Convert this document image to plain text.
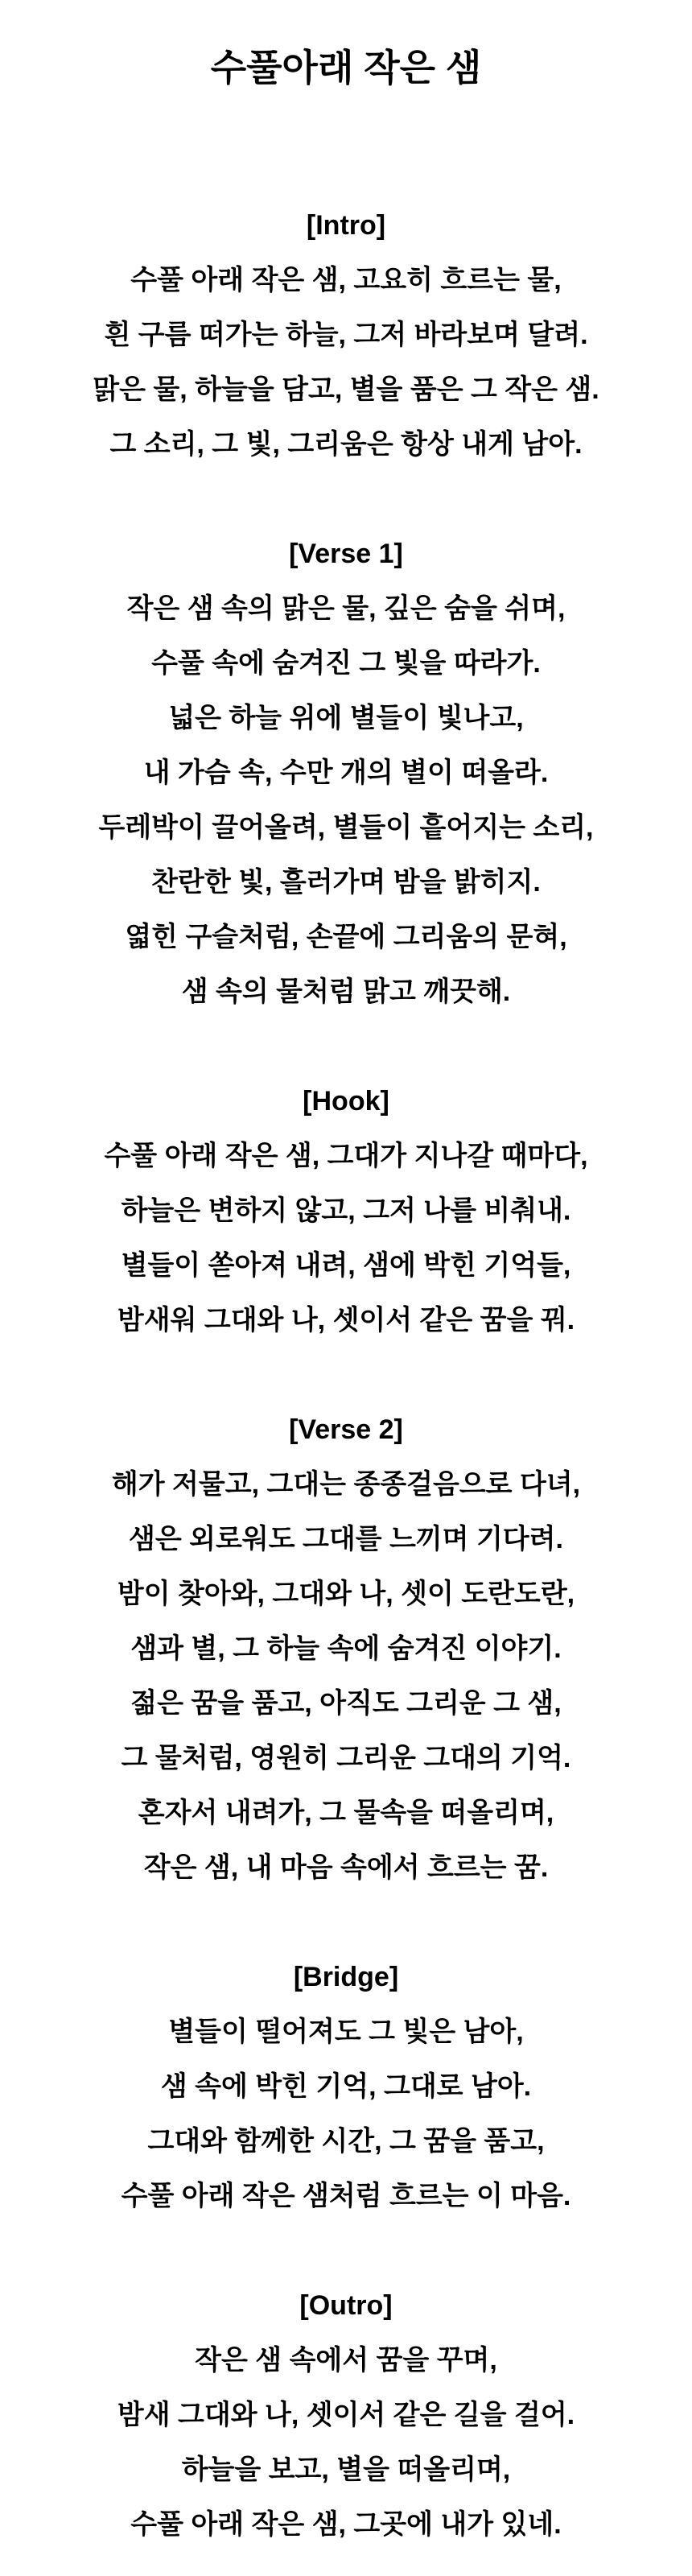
수풀아래 작은 샘
[Intro]
수풀 아래 작은 샘, 고요히 흐르는 물,
흰 구름 떠가는 하늘, 그저 바라보며 달려.
맑은 물, 하늘을 담고, 별을 품은 그 작은 샘.
그 소리, 그 빛, 그리움은 항상 내게 남아.
[Verse 1]
작은 샘 속의 맑은 물, 깊은 숨을 쉬며,
수풀 속에 숨겨진 그 빛을 따라가.
넓은 하늘 위에 별들이 빛나고,
내 가슴 속, 수만 개의 별이 떠올라.
두레박이 끌어올려, 별들이 흩어지는 소리,
찬란한 빛, 흘러가며 밤을 밝히지.
엷힌 구슬처럼, 손끝에 그리움의 문혀,
샘 속의 물처럼 맑고 깨끗해.
[Hook]
수풀 아래 작은 샘, 그대가 지나갈 때마다,
하늘은 변하지 않고, 그저 나를 비춰내.
별들이 쏟아져 내려, 샘에 박힌 기억들,
밤새워 그대와 나, 셋이서 같은 꿈을 꿔.
[Verse 2]
해가 저물고, 그대는 종종걸음으로 다녀,
샘은 외로워도 그대를 느끼며 기다려.
밤이 찾아와, 그대와 나, 셋이 도란도란,
샘과 별, 그 하늘 속에 숨겨진 이야기.
젊은 꿈을 품고, 아직도 그리운 그 샘,
그 물처럼, 영원히 그리운 그대의 기억.
혼자서 내려가, 그 물속을 떠올리며,
작은 샘, 내 마음 속에서 흐르는 꿈.
[Bridge]
별들이 떨어져도 그 빛은 남아,
샘 속에 박힌 기억, 그대로 남아.
그대와 함께한 시간, 그 꿈을 품고,
수풀 아래 작은 샘처럼 흐르는 이 마음.
[Outro]
작은 샘 속에서 꿈을 꾸며,
밤새 그대와 나, 셋이서 같은 길을 걸어.
하늘을 보고, 별을 떠올리며,
수풀 아래 작은 샘, 그곳에 내가 있네.
